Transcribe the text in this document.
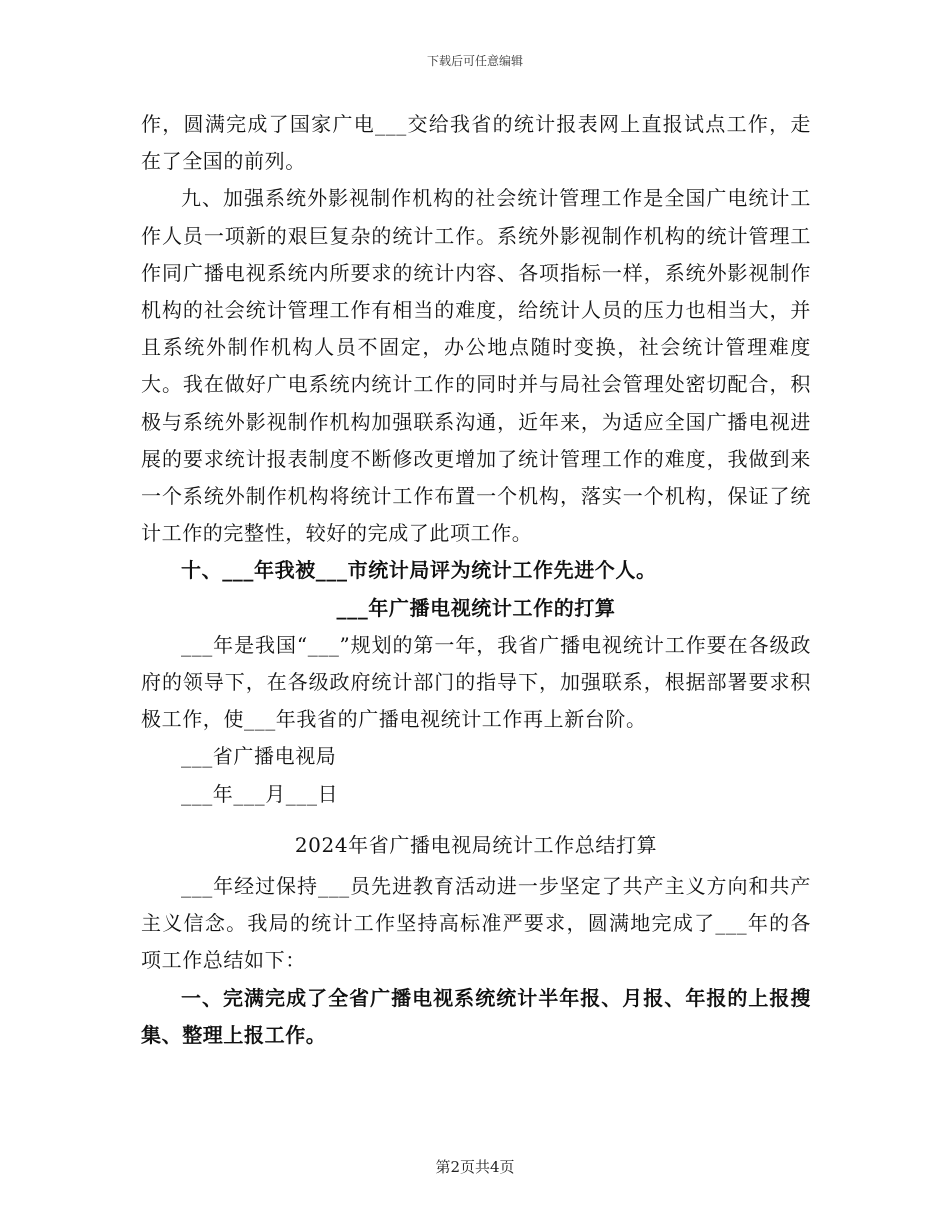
下载后可任意编辑

作，圆满完成了国家广电___交给我省的统计报表网上直报试点工作，走在了全国的前列。

九、加强系统外影视制作机构的社会统计管理工作是全国广电统计工作人员一项新的艰巨复杂的统计工作。系统外影视制作机构的统计管理工作同广播电视系统内所要求的统计内容、各项指标一样，系统外影视制作机构的社会统计管理工作有相当的难度，给统计人员的压力也相当大，并且系统外制作机构人员不固定，办公地点随时变换，社会统计管理难度大。我在做好广电系统内统计工作的同时并与局社会管理处密切配合，积极与系统外影视制作机构加强联系沟通，近年来，为适应全国广播电视进展的要求统计报表制度不断修改更增加了统计管理工作的难度，我做到来一个系统外制作机构将统计工作布置一个机构，落实一个机构，保证了统计工作的完整性，较好的完成了此项工作。

十、___年我被___市统计局评为统计工作先进个人。

___年广播电视统计工作的打算

___年是我国“___”规划的第一年，我省广播电视统计工作要在各级政府的领导下，在各级政府统计部门的指导下，加强联系，根据部署要求积极工作，使___年我省的广播电视统计工作再上新台阶。

___省广播电视局

___年___月___日

2024年省广播电视局统计工作总结打算

___年经过保持___员先进教育活动进一步坚定了共产主义方向和共产主义信念。我局的统计工作坚持高标准严要求，圆满地完成了___年的各项工作总结如下：

一、完满完成了全省广播电视系统统计半年报、月报、年报的上报搜集、整理上报工作。

第2页共4页
